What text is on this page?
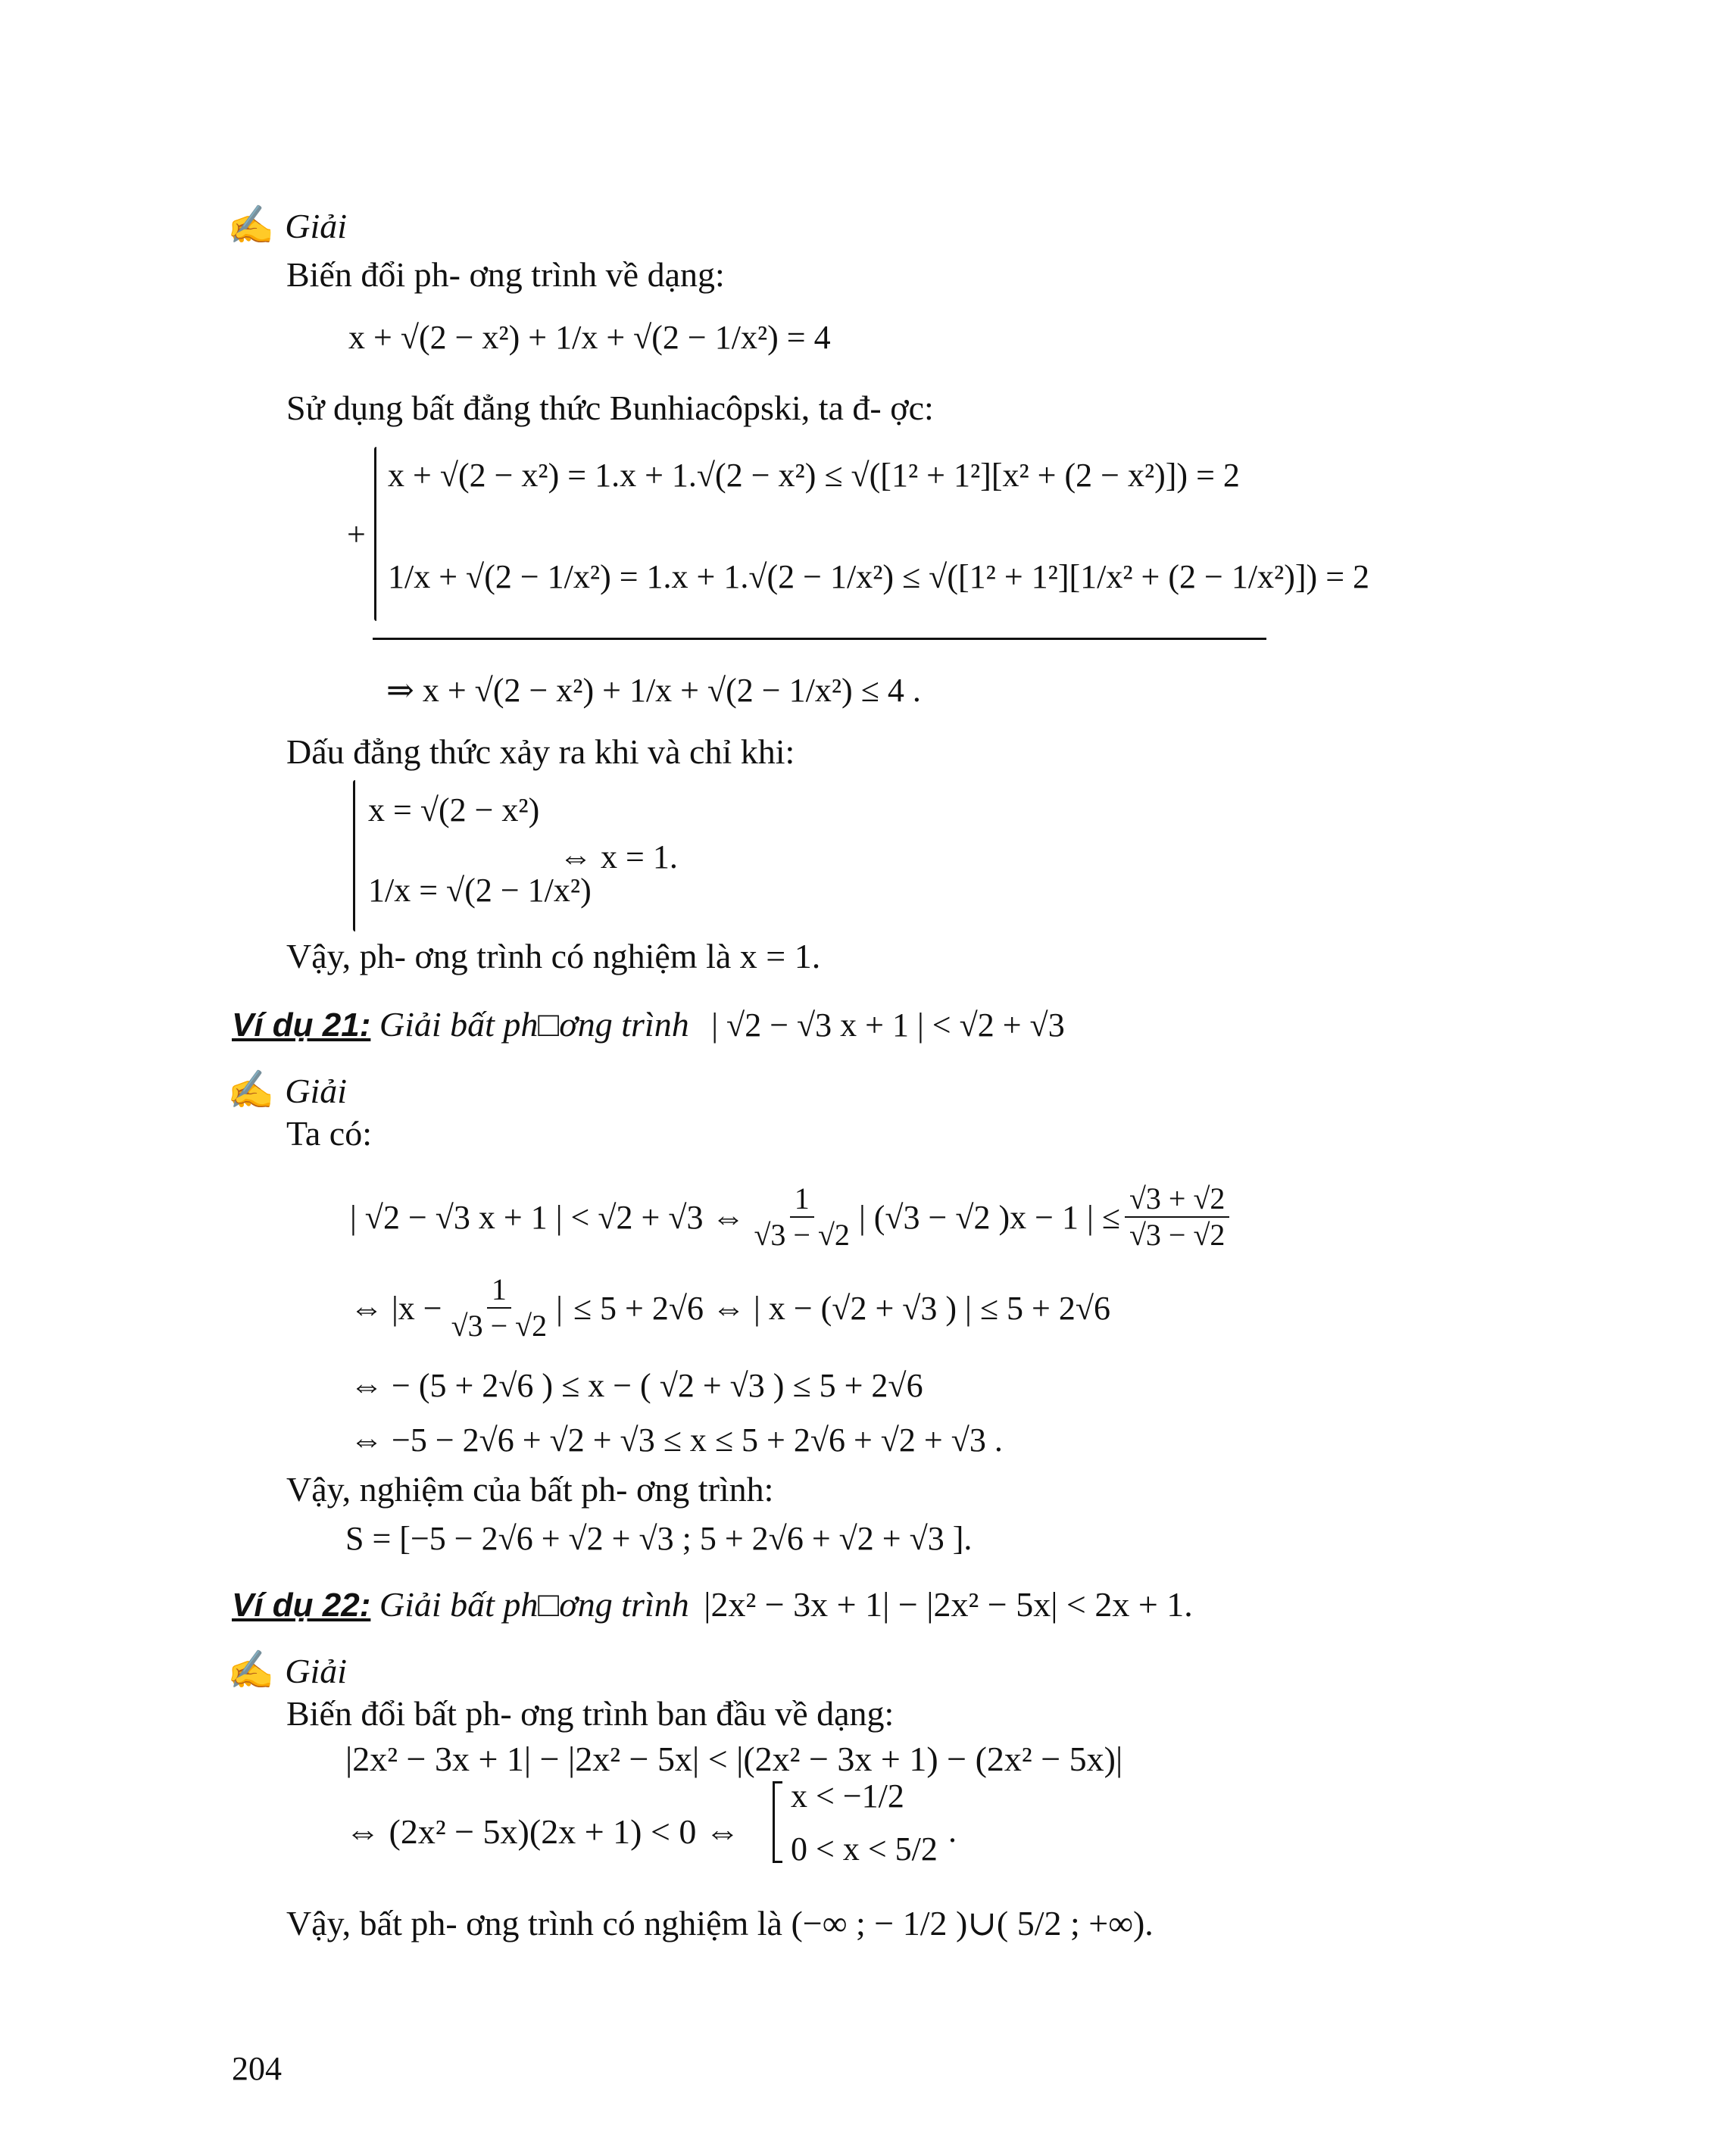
✍ Giải
Biến đổi ph- ơng trình về dạng:
x + √(2 − x²) + 1/x + √(2 − 1/x²) = 4
Sử dụng bất đẳng thức Bunhiacôpski, ta đ- ợc:
+
x + √(2 − x²) = 1.x + 1.√(2 − x²) ≤ √([1² + 1²][x² + (2 − x²)]) = 2
1/x + √(2 − 1/x²) = 1.x + 1.√(2 − 1/x²) ≤ √([1² + 1²][1/x² + (2 − 1/x²)]) = 2
⇒ x + √(2 − x²) + 1/x + √(2 − 1/x²) ≤ 4 .
Dấu đẳng thức xảy ra khi và chỉ khi:
x = √(2 − x²)
1/x = √(2 − 1/x²)
⇔ x = 1.
Vậy, ph- ơng trình có nghiệm là x = 1.
Ví dụ 21: Giải bất ph□ơng trình | √2 − √3 x + 1 | < √2 + √3
✍ Giải
Ta có:
| √2 − √3 x + 1 | < √2 + √3 ⇔ $\frac{1}{√3 - √2}$ | (√3 − √2 )x − 1 | ≤ $\frac{√3 + √2}{√3 - √2}$
⇔ $|x - \frac{1}{√3 - √2}$ | ≤ 5 + 2√6 ⇔ | x − (√2 + √3 ) | ≤ 5 + 2√6
⇔ − (5 + 2√6 ) ≤ x − ( √2 + √3 ) ≤ 5 + 2√6
⇔ −5 − 2√6 + √2 + √3 ≤ x ≤ 5 + 2√6 + √2 + √3 .
Vậy, nghiệm của bất ph- ơng trình:
S = [−5 − 2√6 + √2 + √3 ; 5 + 2√6 + √2 + √3 ].
Ví dụ 22: Giải bất ph□ơng trình |2x² − 3x + 1| − |2x² − 5x| < 2x + 1.
✍ Giải
Biến đổi bất ph- ơng trình ban đầu về dạng:
|2x² − 3x + 1| − |2x² − 5x| < |(2x² − 3x + 1) − (2x² − 5x)|
⇔ (2x² − 5x)(2x + 1) < 0 ⇔
x < −1/2
0 < x < 5/2 .
Vậy, bất ph- ơng trình có nghiệm là (−∞ ; − 1/2 )∪( 5/2 ; +∞).
204
